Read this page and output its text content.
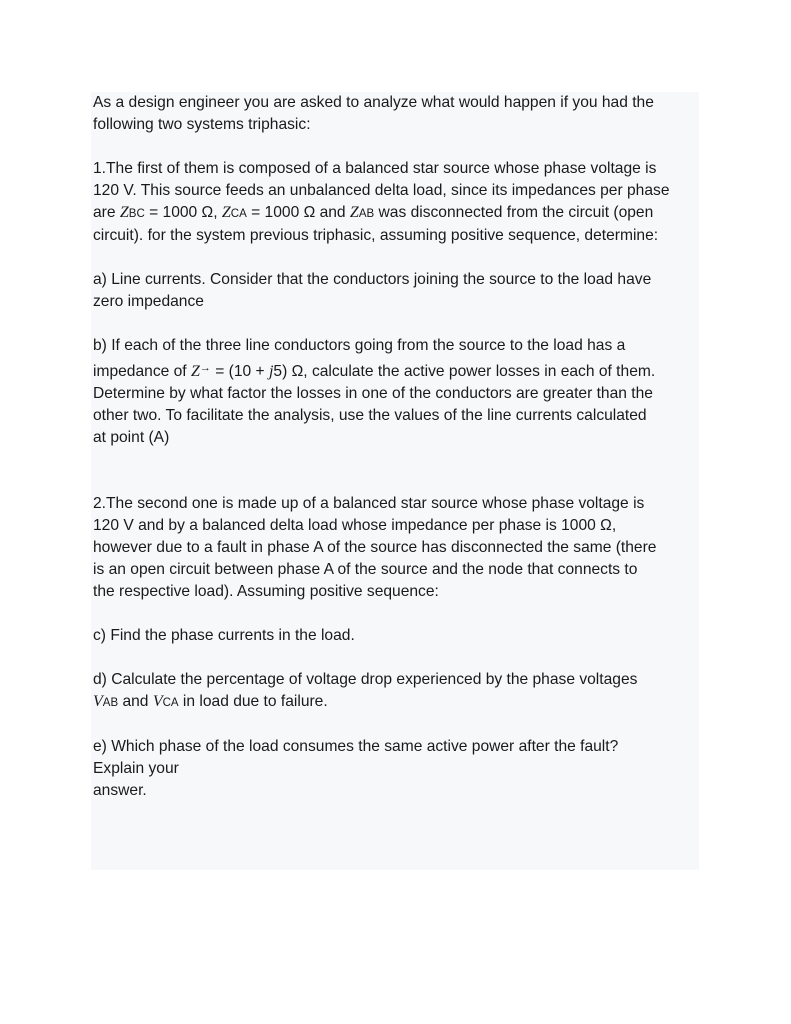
As a design engineer you are asked to analyze what would happen if you had the
following two systems triphasic:
1.The first of them is composed of a balanced star source whose phase voltage is
120 V. This source feeds an unbalanced delta load, since its impedances per phase
are ZBC = 1000 Ω, ZCA = 1000 Ω and ZAB was disconnected from the circuit (open
circuit). for the system previous triphasic, assuming positive sequence, determine:
a) Line currents. Consider that the conductors joining the source to the load have
zero impedance
b) If each of the three line conductors going from the source to the load has a
impedance of Z→ = (10 + j5) Ω, calculate the active power losses in each of them.
Determine by what factor the losses in one of the conductors are greater than the
other two. To facilitate the analysis, use the values of the line currents calculated
at point (A)
2.The second one is made up of a balanced star source whose phase voltage is
120 V and by a balanced delta load whose impedance per phase is 1000 Ω,
however due to a fault in phase A of the source has disconnected the same (there
is an open circuit between phase A of the source and the node that connects to
the respective load). Assuming positive sequence:
c) Find the phase currents in the load.
d) Calculate the percentage of voltage drop experienced by the phase voltages
VAB and VCA in load due to failure.
e) Which phase of the load consumes the same active power after the fault?
Explain your
answer.
